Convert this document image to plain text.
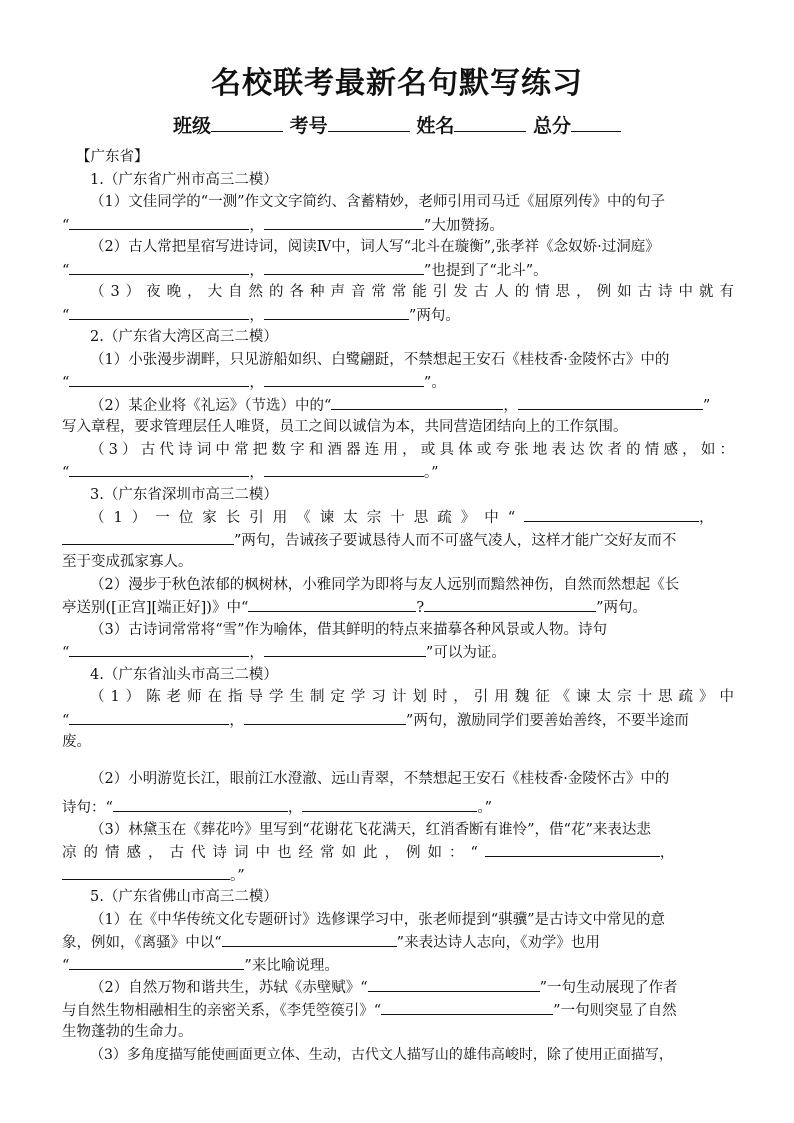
名校联考最新名句默写练习
班级	考号	姓名	总分
【广东省】
1.（广东省广州市高三二模）
（1）文佳同学的“一测”作文文字简约、含蓄精妙，老师引用司马迁《屈原列传》中的句子
“	，	”大加赞扬。
（2）古人常把星宿写进诗词，阅读Ⅳ中，词人写“北斗在璇衡”,张孝祥《念奴娇·过洞庭》
“	，	”也提到了“北斗”。
（3）夜晚，大自然的各种声音常常能引发古人的情思，例如古诗中就有
“	，	”两句。
2.（广东省大湾区高三二模）
（1）小张漫步湖畔，只见游船如织、白鹭翩跹，不禁想起王安石《桂枝香·金陵怀古》中的
“	，	”。
（2）某企业将《礼运》（节选）中的“	，	”
写入章程，要求管理层任人唯贤，员工之间以诚信为本，共同营造团结向上的工作氛围。
（3）古代诗词中常把数字和酒器连用，或具体或夸张地表达饮者的情感，如：
“	，	。”
3.（广东省深圳市高三二模）
（1）一位家长引用《谏太宗十思疏》中“	，
”两句，告诫孩子要诚恳待人而不可盛气凌人，这样才能广交好友而不
至于变成孤家寡人。
（2）漫步于秋色浓郁的枫树林，小雅同学为即将与友人远别而黯然神伤，自然而然想起《长
亭送别([正宫][端正好])》中“	?	”两句。
（3）古诗词常常将“雪”作为喻体，借其鲜明的特点来描摹各种风景或人物。诗句
“	，	”可以为证。
4.（广东省汕头市高三二模）
（1）陈老师在指导学生制定学习计划时，引用魏征《谏太宗十思疏》中
“	，	”两句，激励同学们要善始善终，不要半途而
废。
（2）小明游览长江，眼前江水澄澈、远山青翠，不禁想起王安石《桂枝香·金陵怀古》中的
诗句：“	，	。”
（3）林黛玉在《葬花吟》里写到“花谢花飞花满天，红消香断有谁怜”，借“花”来表达悲
凉的情感，古代诗词中也经常如此，例如：“	，
。”
5.（广东省佛山市高三二模）
（1）在《中华传统文化专题研讨》选修课学习中，张老师提到“骐骥”是古诗文中常见的意
象，例如，《离骚》中以“	”来表达诗人志向，《劝学》也用
“	”来比喻说理。
（2）自然万物和谐共生，苏轼《赤壁赋》“	”一句生动展现了作者
与自然生物相融相生的亲密关系，《李凭箜篌引》“	”一句则突显了自然
生物蓬勃的生命力。
（3）多角度描写能使画面更立体、生动，古代文人描写山的雄伟高峻时，除了使用正面描写，
